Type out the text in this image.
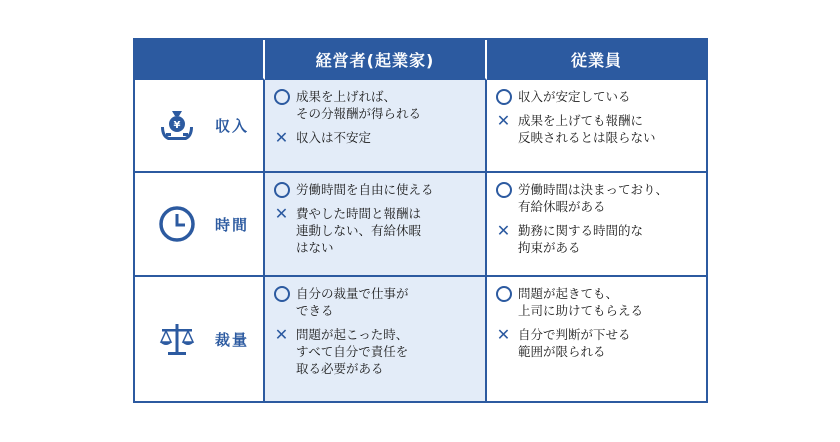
経営者(起業家)	従業員
¥ 収入
成果を上げれば、
その分報酬が得られる
✕ 収入は不安定
収入が安定している
✕ 成果を上げても報酬に
反映されるとは限らない
時間
労働時間を自由に使える
✕ 費やした時間と報酬は
連動しない、有給休暇
はない
労働時間は決まっており、
有給休暇がある
✕ 勤務に関する時間的な
拘束がある
裁量
自分の裁量で仕事が
できる
✕ 問題が起こった時、
すべて自分で責任を
取る必要がある
問題が起きても、
上司に助けてもらえる
✕ 自分で判断が下せる
範囲が限られる
